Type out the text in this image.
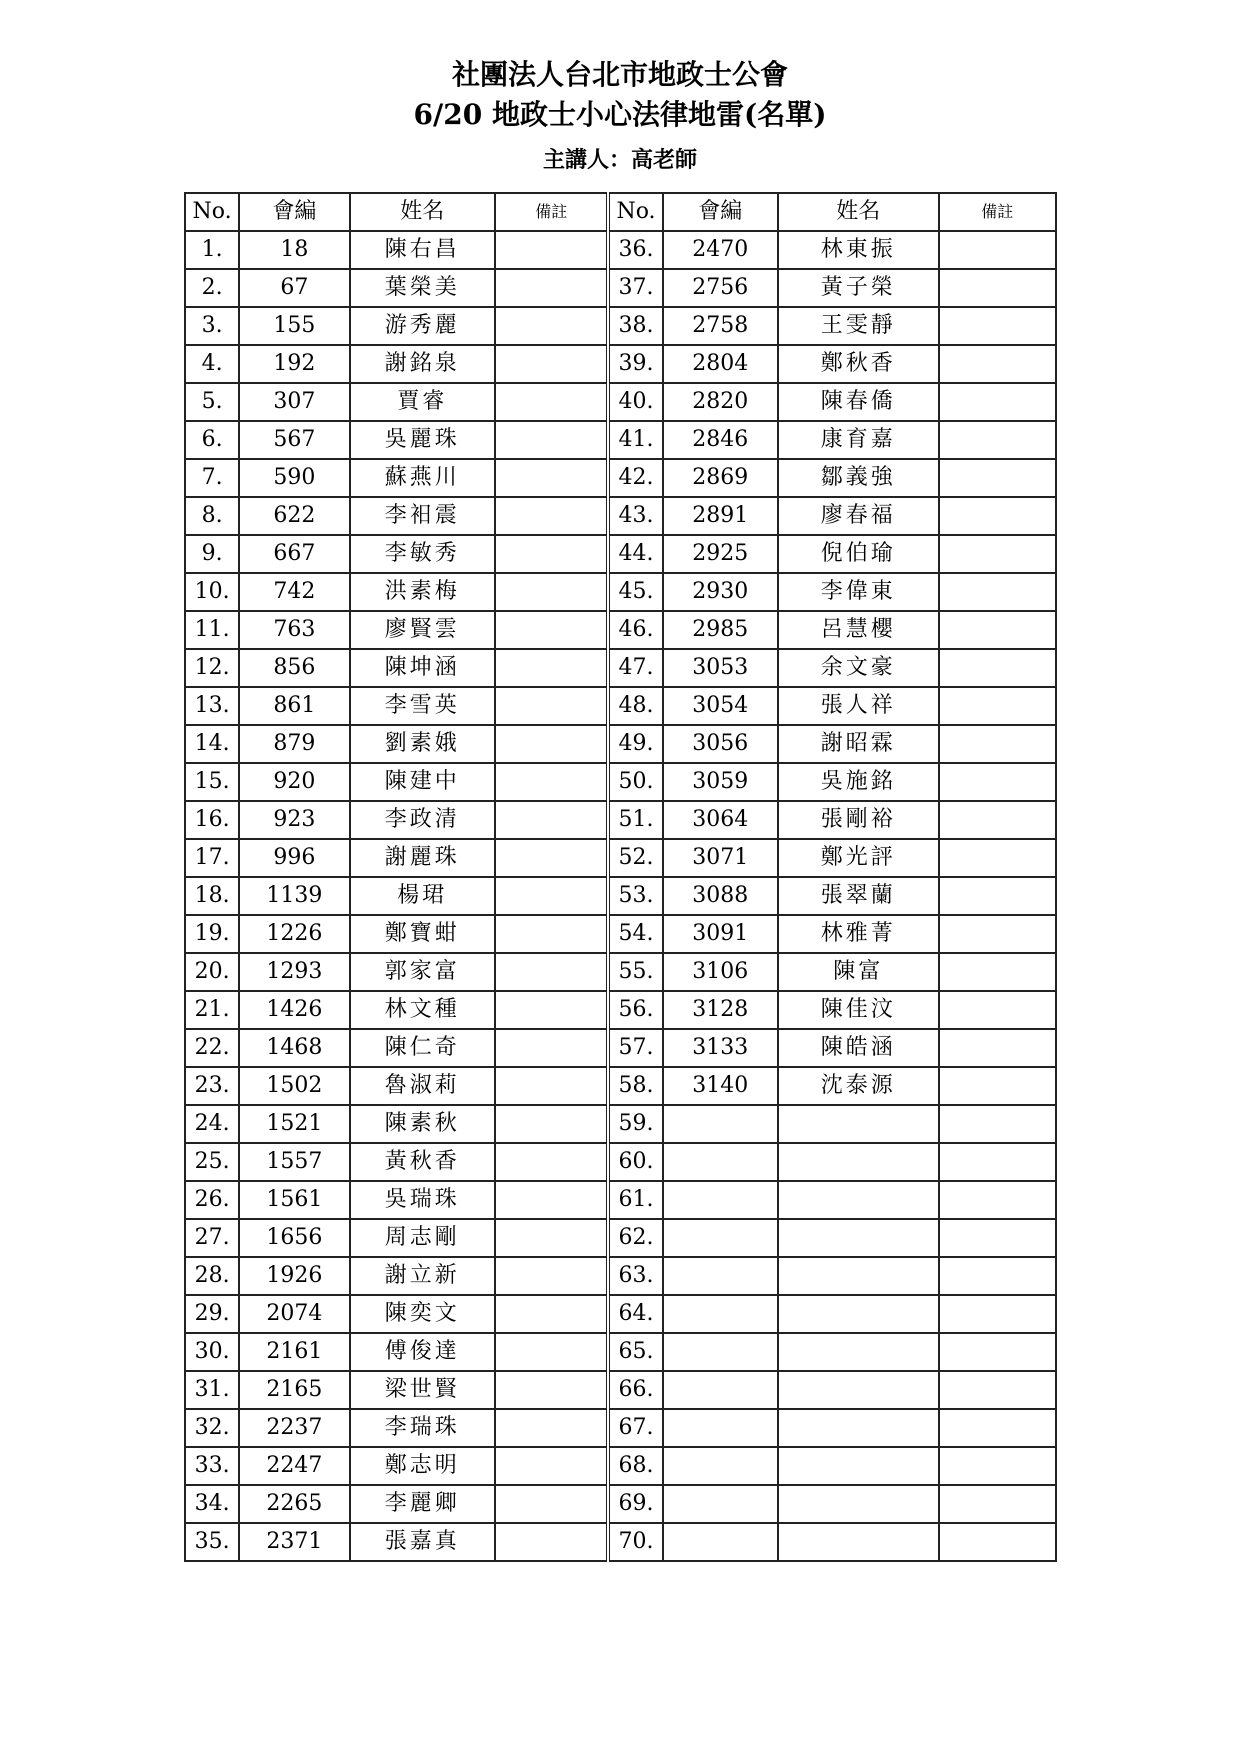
社團法人台北市地政士公會
6/20 地政士小心法律地雷(名單)
主講人：高老師
No.	會編	姓名	備註	No.	會編	姓名	備註
1.	18	陳右昌		36.	2470	林東振	
2.	67	葉榮美		37.	2756	黃子榮	
3.	155	游秀麗		38.	2758	王雯靜	
4.	192	謝銘泉		39.	2804	鄭秋香	
5.	307	賈睿		40.	2820	陳春僑	
6.	567	吳麗珠		41.	2846	康育嘉	
7.	590	蘇燕川		42.	2869	鄒義強	
8.	622	李衵震		43.	2891	廖春福	
9.	667	李敏秀		44.	2925	倪伯瑜	
10.	742	洪素梅		45.	2930	李偉東	
11.	763	廖賢雲		46.	2985	呂慧櫻	
12.	856	陳坤涵		47.	3053	余文豪	
13.	861	李雪英		48.	3054	張人祥	
14.	879	劉素娥		49.	3056	謝昭霖	
15.	920	陳建中		50.	3059	吳施銘	
16.	923	李政清		51.	3064	張剛裕	
17.	996	謝麗珠		52.	3071	鄭光評	
18.	1139	楊珺		53.	3088	張翠蘭	
19.	1226	鄭寶蚶		54.	3091	林雅菁	
20.	1293	郭家富		55.	3106	陳富	
21.	1426	林文種		56.	3128	陳佳汶	
22.	1468	陳仁奇		57.	3133	陳皓涵	
23.	1502	魯淑莉		58.	3140	沈泰源	
24.	1521	陳素秋		59.			
25.	1557	黃秋香		60.			
26.	1561	吳瑞珠		61.			
27.	1656	周志剛		62.			
28.	1926	謝立新		63.			
29.	2074	陳奕文		64.			
30.	2161	傅俊達		65.			
31.	2165	梁世賢		66.			
32.	2237	李瑞珠		67.			
33.	2247	鄭志明		68.			
34.	2265	李麗卿		69.			
35.	2371	張嘉真		70.			
